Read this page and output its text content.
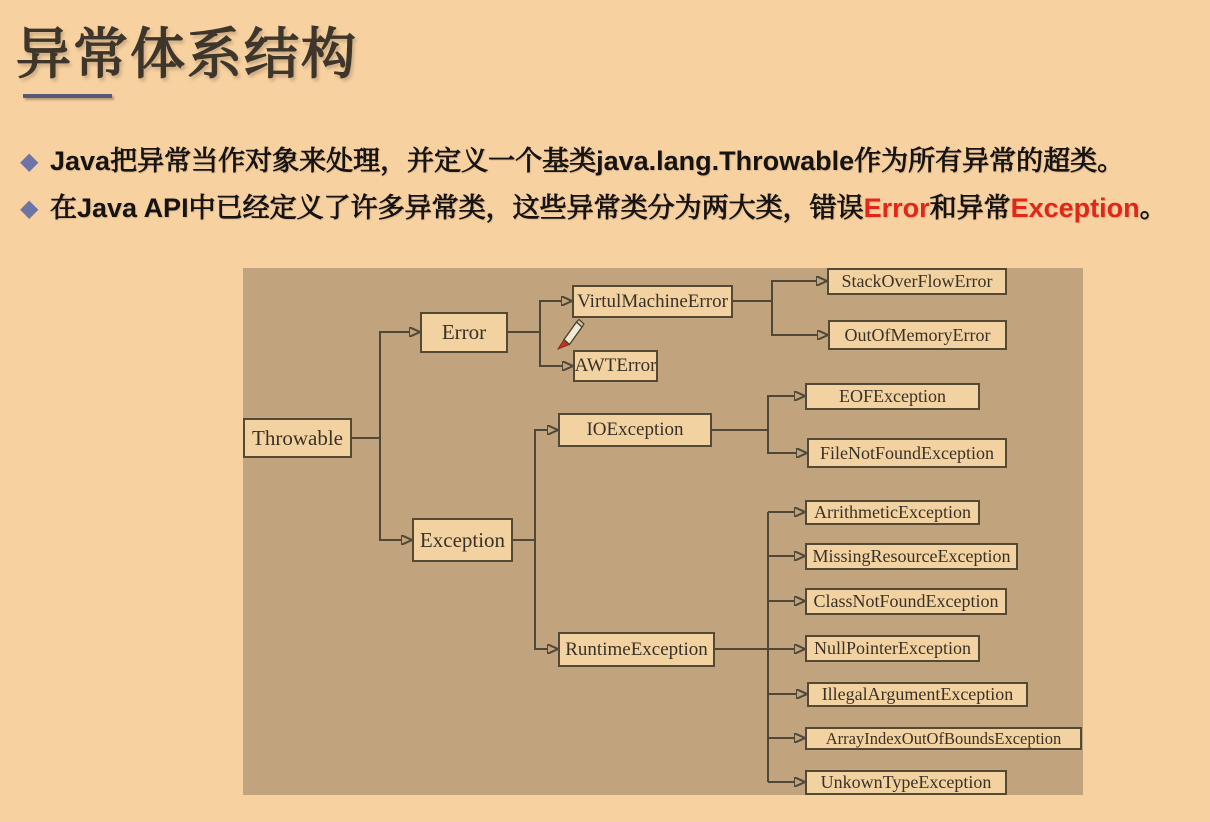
异常体系结构
◆ Java把异常当作对象来处理，并定义一个基类java.lang.Throwable作为所有异常的超类。
◆ 在Java API中已经定义了许多异常类，这些异常类分为两大类，错误Error和异常Exception。
Throwable
Error
Exception
VirtulMachineError
AWTError
IOException
RuntimeException
StackOverFlowError
OutOfMemoryError
EOFException
FileNotFoundException
ArrithmeticException
MissingResourceException
ClassNotFoundException
NullPointerException
IllegalArgumentException
ArrayIndexOutOfBoundsException
UnkownTypeException
